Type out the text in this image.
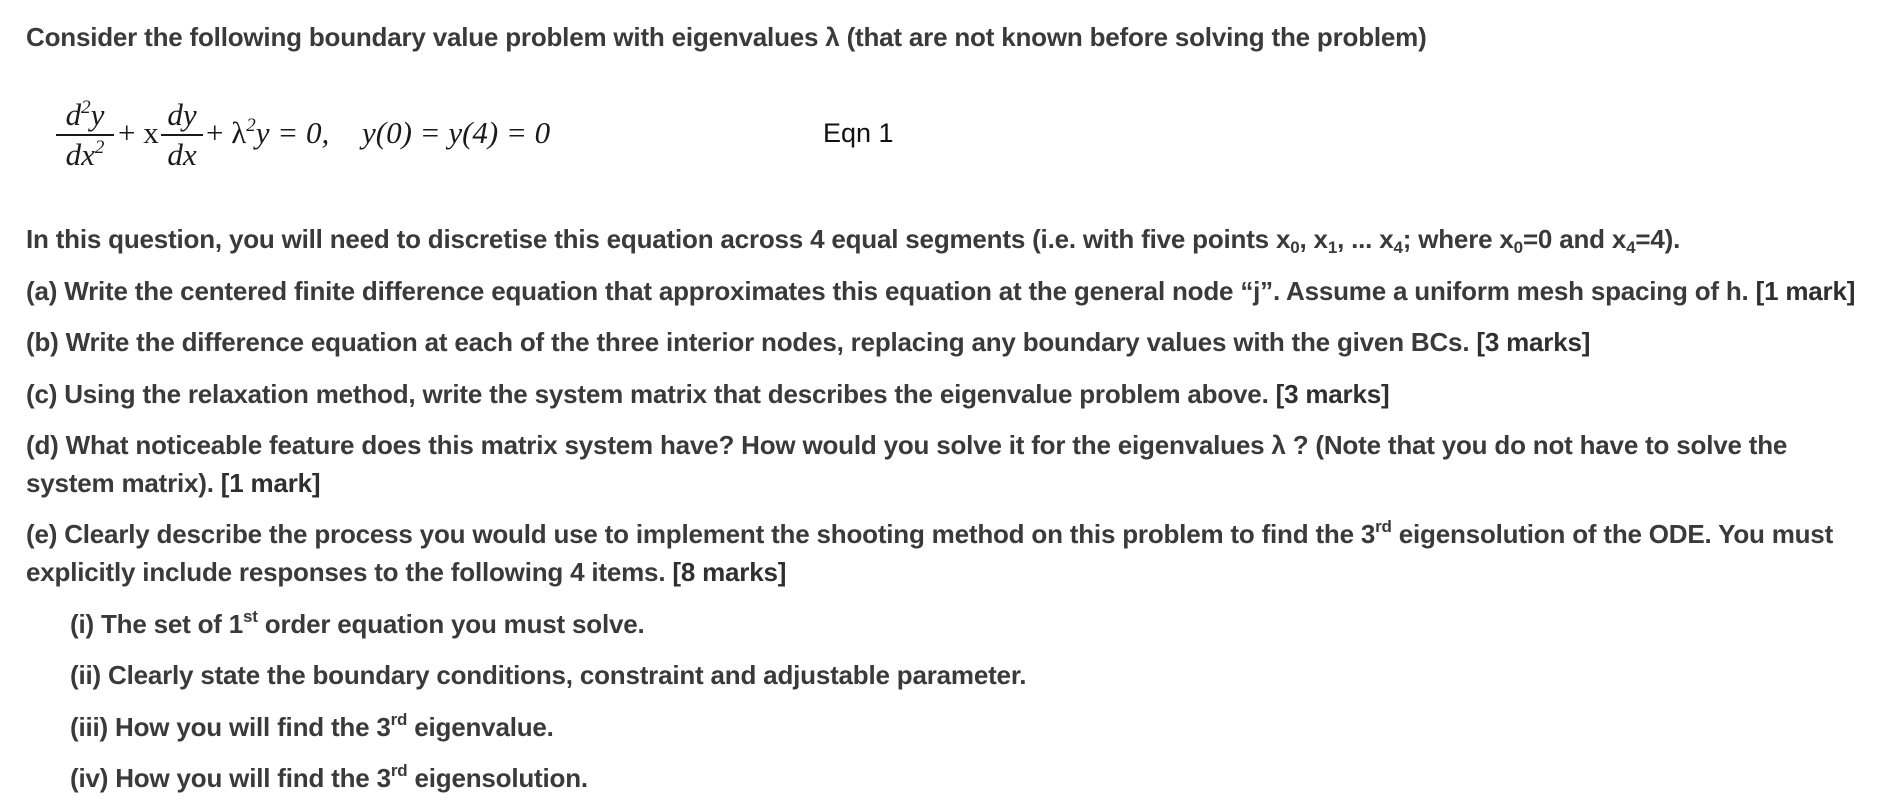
Consider the following boundary value problem with eigenvalues λ (that are not known before solving the problem)
In this question, you will need to discretise this equation across 4 equal segments (i.e. with five points $x_0$, $x_1$, ... $x_4$; where $x_0=0$ and $x_4=4$).
(a) Write the centered finite difference equation that approximates this equation at the general node “j”. Assume a uniform mesh spacing of h. [1 mark]
(b) Write the difference equation at each of the three interior nodes, replacing any boundary values with the given BCs. [3 marks]
(c) Using the relaxation method, write the system matrix that describes the eigenvalue problem above. [3 marks]
(d) What noticeable feature does this matrix system have? How would you solve it for the eigenvalues λ ? (Note that you do not have to solve the system matrix). [1 mark]
(e) Clearly describe the process you would use to implement the shooting method on this problem to find the 3rd eigensolution of the ODE. You must explicitly include responses to the following 4 items. [8 marks]
(i) The set of 1st order equation you must solve.
(ii) Clearly state the boundary conditions, constraint and adjustable parameter.
(iii) How you will find the 3rd eigenvalue.
(iv) How you will find the 3rd eigensolution.
$d^2y$
$dx^2 + x$
dy
dx
+ $\lambda^2y = 0$, y(0) = y(4) = 0	Eqn 1
